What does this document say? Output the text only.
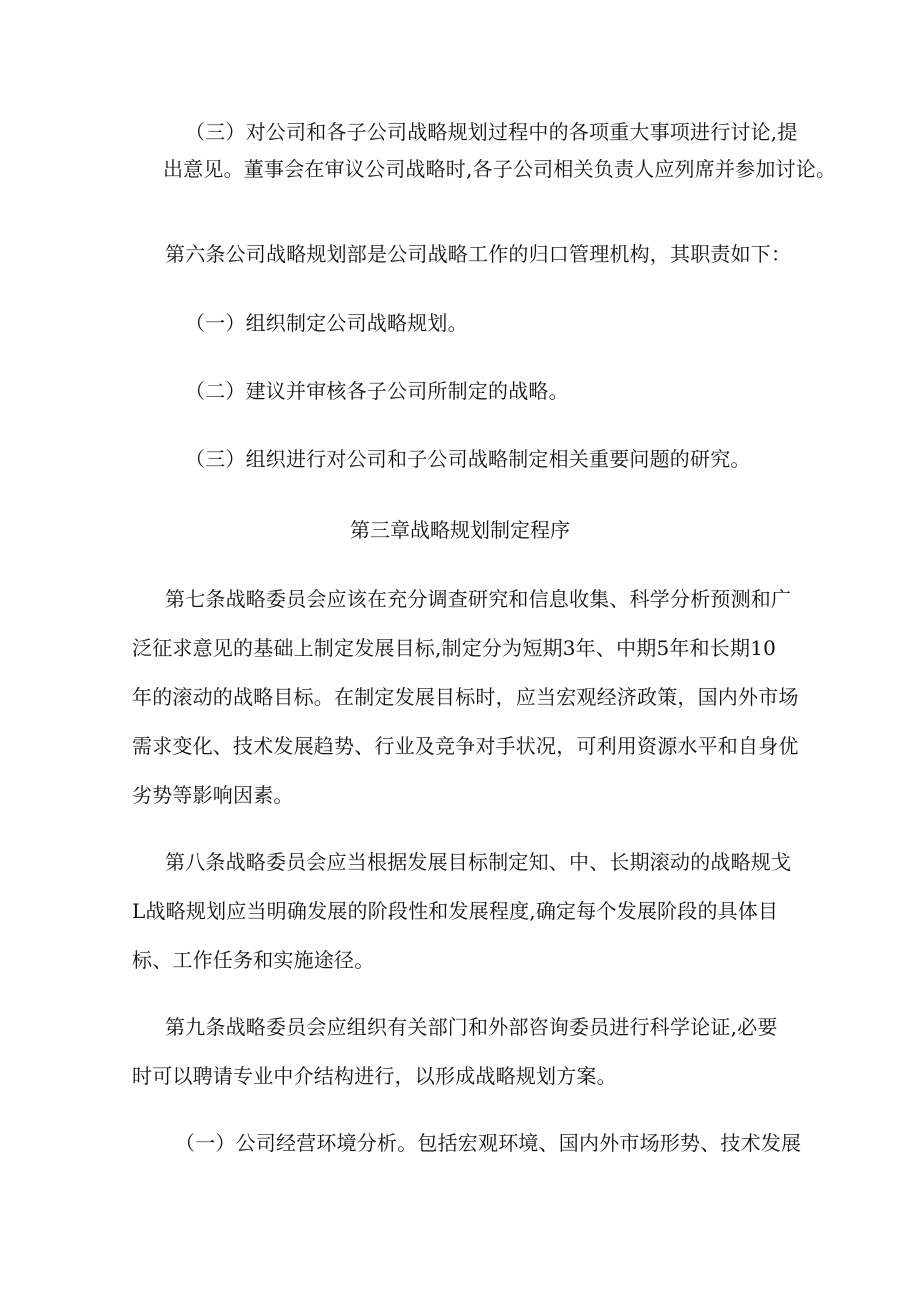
（三）对公司和各子公司战略规划过程中的各项重大事项进行讨论,提
出意见。董事会在审议公司战略时,各子公司相关负责人应列席并参加讨论。
第六条公司战略规划部是公司战略工作的归口管理机构，其职责如下：
（一）组织制定公司战略规划。
（二）建议并审核各子公司所制定的战略。
（三）组织进行对公司和子公司战略制定相关重要问题的研究。
第三章战略规划制定程序
第七条战略委员会应该在充分调查研究和信息收集、科学分析预测和广
泛征求意见的基础上制定发展目标,制定分为短期3年、中期5年和长期10
年的滚动的战略目标。在制定发展目标时，应当宏观经济政策，国内外市场
需求变化、技术发展趋势、行业及竞争对手状况，可利用资源水平和自身优
劣势等影响因素。
第八条战略委员会应当根据发展目标制定知、中、长期滚动的战略规戈
L战略规划应当明确发展的阶段性和发展程度,确定每个发展阶段的具体目
标、工作任务和实施途径。
第九条战略委员会应组织有关部门和外部咨询委员进行科学论证,必要
时可以聘请专业中介结构进行，以形成战略规划方案。
（一）公司经营环境分析。包括宏观环境、国内外市场形势、技术发展
